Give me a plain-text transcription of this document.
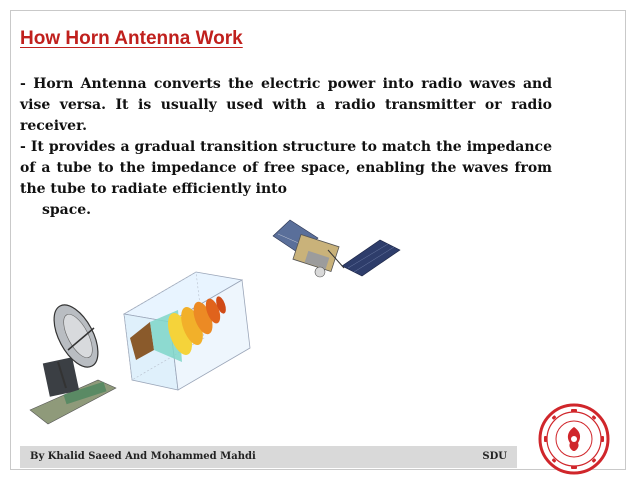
How Horn Antenna Work

- Horn Antenna converts the electric power into radio waves and vise versa. It is usually used with a radio transmitter or radio receiver.

- It provides a gradual transition structure to match the impedance of a tube to the impedance of free space, enabling the waves from the tube to radiate efficiently into

space.

By Khalid Saeed And Mohammed Mahdi	SDU
